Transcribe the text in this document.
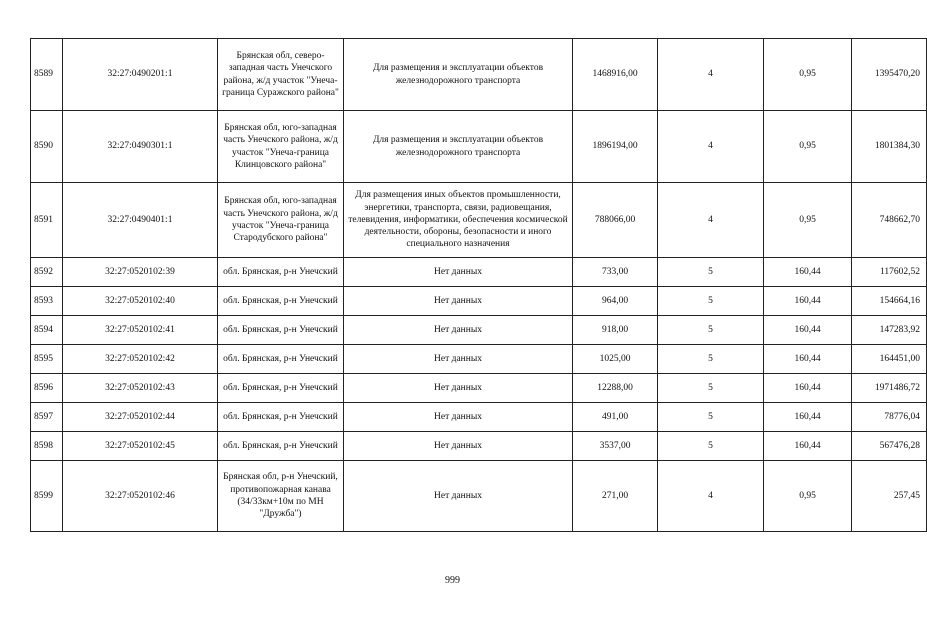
8589	32:27:0490201:1	Брянская обл, северо-западная часть Унечского района, ж/д участок "Унеча-граница Суражского района"	Для размещения и эксплуатации объектов железнодорожного транспорта	1468916,00	4	0,95	1395470,20
8590	32:27:0490301:1	Брянская обл, юго-западная часть Унечского района, ж/д участок "Унеча-граница Клинцовского района"	Для размещения и эксплуатации объектов железнодорожного транспорта	1896194,00	4	0,95	1801384,30
8591	32:27:0490401:1	Брянская обл, юго-западная часть Унечского района, ж/д участок "Унеча-граница Стародубского района"	Для размещения иных объектов промышленности, энергетики, транспорта, связи, радиовещания, телевидения, информатики, обеспечения космической деятельности, обороны, безопасности и иного специального назначения	788066,00	4	0,95	748662,70
8592	32:27:0520102:39	обл. Брянская, р-н Унечский	Нет данных	733,00	5	160,44	117602,52
8593	32:27:0520102:40	обл. Брянская, р-н Унечский	Нет данных	964,00	5	160,44	154664,16
8594	32:27:0520102:41	обл. Брянская, р-н Унечский	Нет данных	918,00	5	160,44	147283,92
8595	32:27:0520102:42	обл. Брянская, р-н Унечский	Нет данных	1025,00	5	160,44	164451,00
8596	32:27:0520102:43	обл. Брянская, р-н Унечский	Нет данных	12288,00	5	160,44	1971486,72
8597	32:27:0520102:44	обл. Брянская, р-н Унечский	Нет данных	491,00	5	160,44	78776,04
8598	32:27:0520102:45	обл. Брянская, р-н Унечский	Нет данных	3537,00	5	160,44	567476,28
8599	32:27:0520102:46	Брянская обл, р-н Унечский, противопожарная канава (34/33км+10м по МН "Дружба")	Нет данных	271,00	4	0,95	257,45
999
